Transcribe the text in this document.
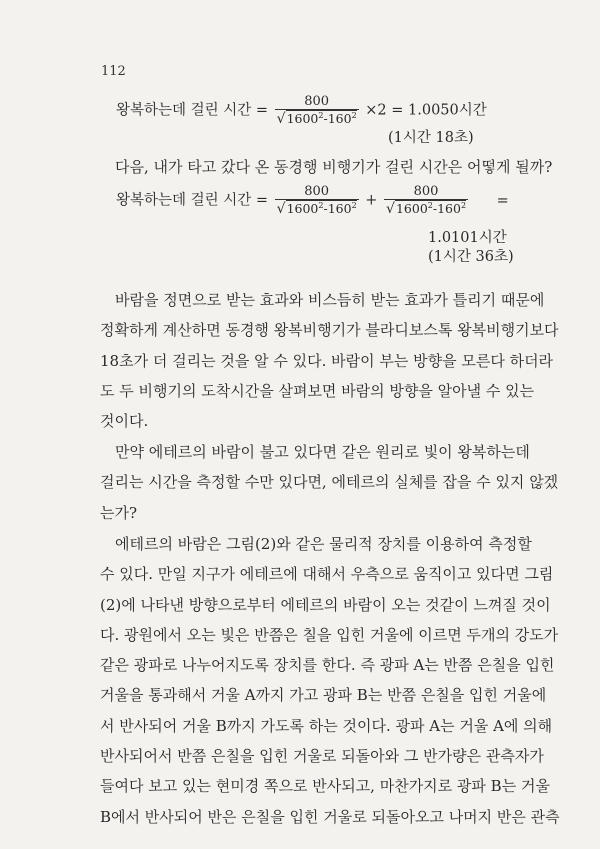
112
왕복하는데 걸린 시간 = $\frac{800}{√1600^2-160^2} \times 2 = 1.0050$시간
(1시간 18초)
다음, 내가 타고 갔다 온 동경행 비행기가 걸린 시간은 어떻게 될까?
왕복하는데 걸린 시간 = $\frac{800}{√1600^2-160^2} + \frac{800}{√1600^2-160^2}$ =
1.0101시간
(1시간 36초)
바람을 정면으로 받는 효과와 비스듬히 받는 효과가 틀리기 때문에
정확하게 계산하면 동경행 왕복비행기가 블라디보스톡 왕복비행기보다
18초가 더 걸리는 것을 알 수 있다. 바람이 부는 방향을 모른다 하더라
도 두 비행기의 도착시간을 살펴보면 바람의 방향을 알아낼 수 있는
것이다.
만약 에테르의 바람이 불고 있다면 같은 원리로 빛이 왕복하는데
걸리는 시간을 측정할 수만 있다면, 에테르의 실체를 잡을 수 있지 않겠
는가?
에테르의 바람은 그림(2)와 같은 물리적 장치를 이용하여 측정할
수 있다. 만일 지구가 에테르에 대해서 우측으로 움직이고 있다면 그림
(2)에 나타낸 방향으로부터 에테르의 바람이 오는 것같이 느껴질 것이
다. 광원에서 오는 빛은 반쯤은 칠을 입힌 거울에 이르면 두개의 강도가
같은 광파로 나누어지도록 장치를 한다. 즉 광파 A는 반쯤 은칠을 입힌
거울을 통과해서 거울 A까지 가고 광파 B는 반쯤 은칠을 입힌 거울에
서 반사되어 거울 B까지 가도록 하는 것이다. 광파 A는 거울 A에 의해
반사되어서 반쯤 은칠을 입힌 거울로 되돌아와 그 반가량은 관측자가
들여다 보고 있는 현미경 쪽으로 반사되고, 마찬가지로 광파 B는 거울
B에서 반사되어 반은 은칠을 입힌 거울로 되돌아오고 나머지 반은 관측
